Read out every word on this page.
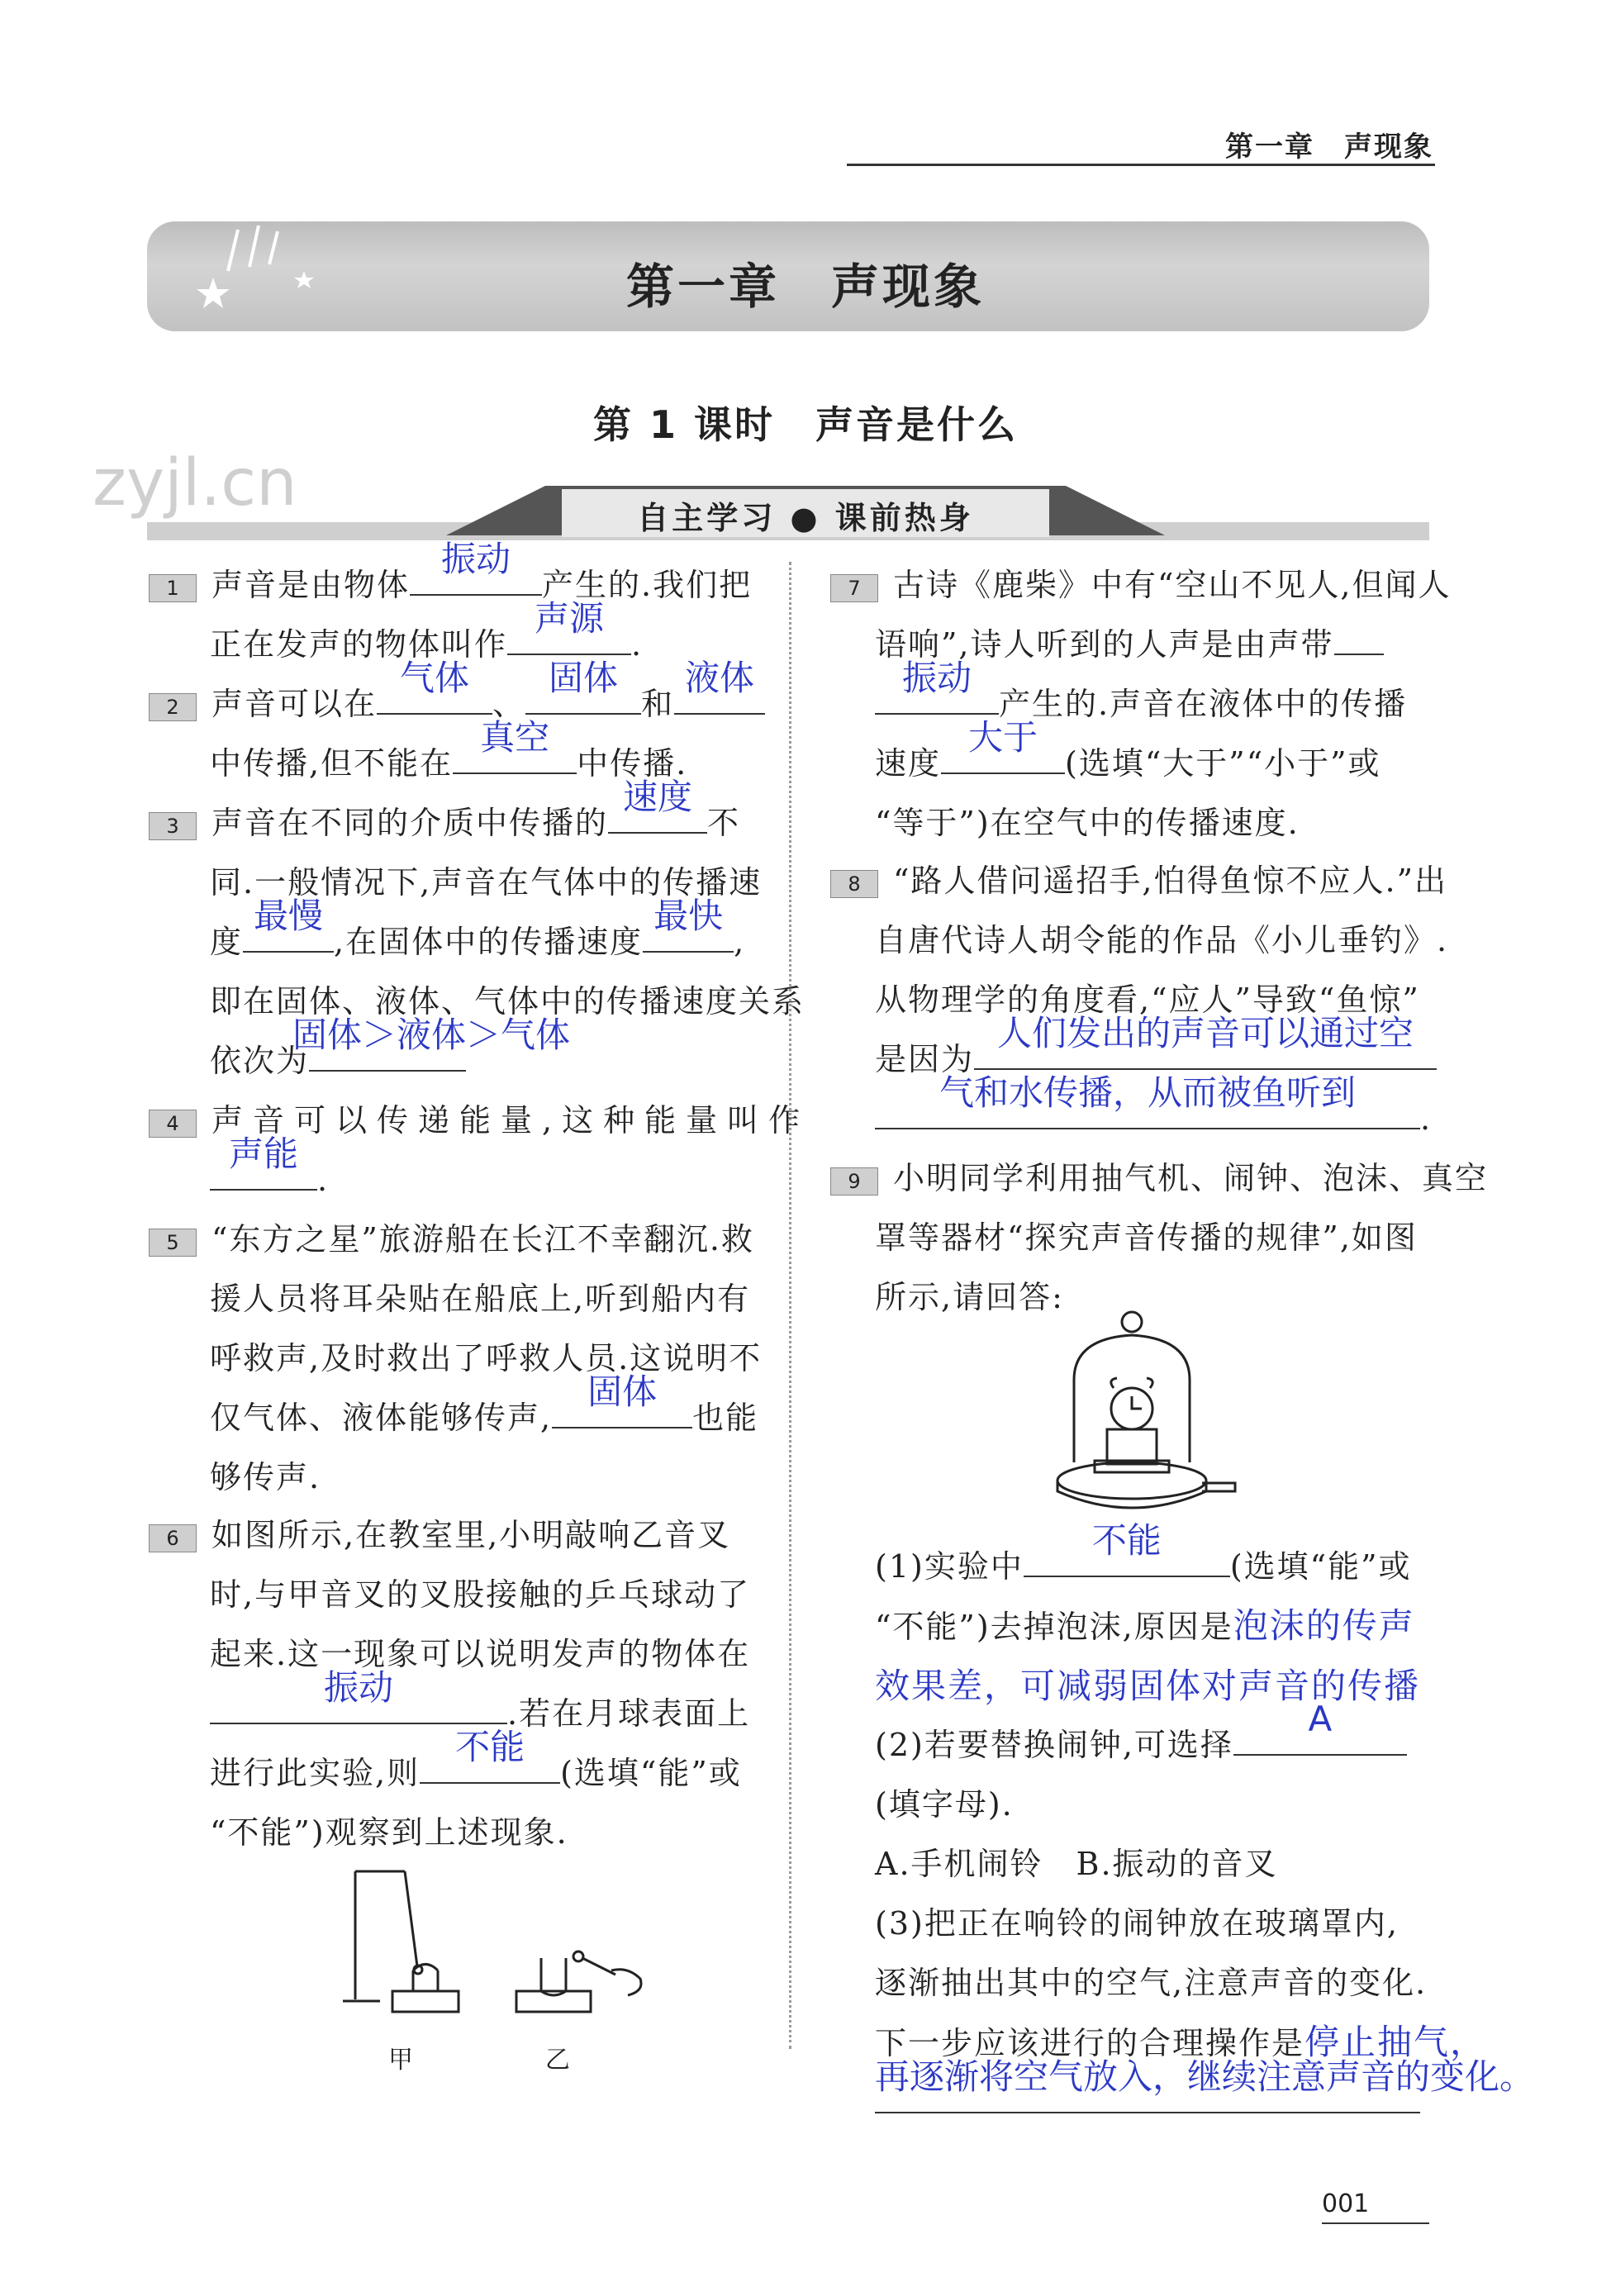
第一章　声现象
第一章　声现象
第 1 课时　声音是什么
zyjl.cn	自主学习 ● 课前热身
1 声音是由物体
振动
产生的.我们把
正在发声的物体叫作
声源
.
2 声音可以在
气体
、
固体
和
液体
中传播,但不能在
真空
中传播.
3 声音在不同的介质中传播的
速度
不
同.一般情况下,声音在气体中的传播速
度
最慢
,在固体中的传播速度
最快
,
即在固体、液体、气体中的传播速度关系
依次为
固体＞液体＞气体
4 声音可以传递能量,这种能量叫作
声能
.
5 “东方之星”旅游船在长江不幸翻沉.救
援人员将耳朵贴在船底上,听到船内有
呼救声,及时救出了呼救人员.这说明不
仅气体、液体能够传声,
固体
也能
够传声.
6 如图所示,在教室里,小明敲响乙音叉
时,与甲音叉的叉股接触的乒乓球动了
起来.这一现象可以说明发声的物体在
振动
.若在月球表面上
进行此实验,则
不能
(选填“能”或
“不能”)观察到上述现象.
甲	乙
7 古诗《鹿柴》中有“空山不见人,但闻人
语响”,诗人听到的人声是由声带
振动
产生的.声音在液体中的传播
速度
大于
(选填“大于”“小于”或
“等于”)在空气中的传播速度.
8 “路人借问遥招手,怕得鱼惊不应人.”出
自唐代诗人胡令能的作品《小儿垂钓》.
从物理学的角度看,“应人”导致“鱼惊”
是因为
人们发出的声音可以通过空
气和水传播，从而被鱼听到
.
9 小明同学利用抽气机、闹钟、泡沫、真空
罩等器材“探究声音传播的规律”,如图
所示,请回答:
(1)实验中
不能
(选填“能”或
“不能”)去掉泡沫,原因是泡沫的传声
效果差，可减弱固体对声音的传播
(2)若要替换闹钟,可选择
A
(填字母).
A.手机闹铃　B.振动的音叉
(3)把正在响铃的闹钟放在玻璃罩内,
逐渐抽出其中的空气,注意声音的变化.
下一步应该进行的合理操作是停止抽气，
再逐渐将空气放入，继续注意声音的变化。
001
